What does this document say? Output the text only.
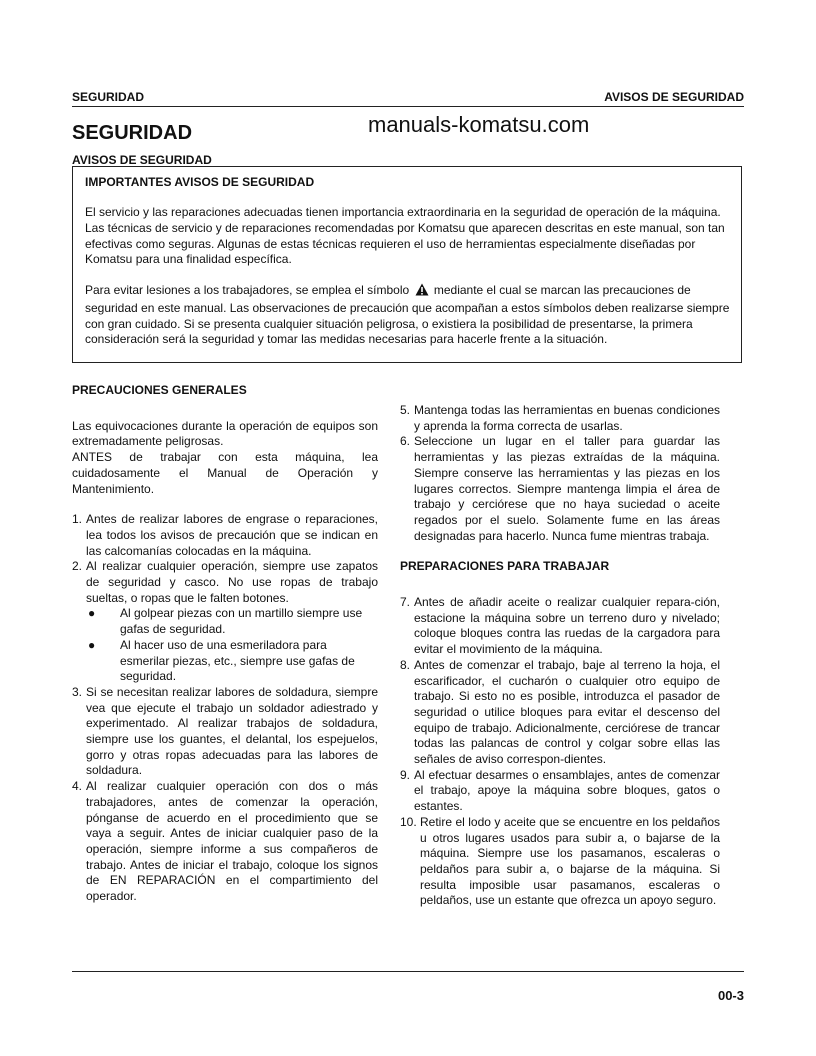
SEGURIDAD	AVISOS DE SEGURIDAD
SEGURIDAD	manuals-komatsu.com
AVISOS DE SEGURIDAD
IMPORTANTES AVISOS DE SEGURIDAD
El servicio y las reparaciones adecuadas tienen importancia extraordinaria en la seguridad de operación de la máquina. Las técnicas de servicio y de reparaciones recomendadas por Komatsu que aparecen descritas en este manual, son tan efectivas como seguras. Algunas de estas técnicas requieren el uso de herramientas especialmente diseñadas por Komatsu para una finalidad específica.
Para evitar lesiones a los trabajadores, se emplea el símbolo mediante el cual se marcan las precauciones de seguridad en este manual. Las observaciones de precaución que acompañan a estos símbolos deben realizarse siempre con gran cuidado. Si se presenta cualquier situación peligrosa, o existiera la posibilidad de presentarse, la primera consideración será la seguridad y tomar las medidas necesarias para hacerle frente a la situación.
PRECAUCIONES GENERALES

Las equivocaciones durante la operación de equipos son extremadamente peligrosas.

ANTES de trabajar con esta máquina, lea cuidadosamente el Manual de Operación y Mantenimiento.

1. Antes de realizar labores de engrase o reparaciones, lea todos los avisos de precaución que se indican en las calcomanías colocadas en la máquina.
2. Al realizar cualquier operación, siempre use zapatos de seguridad y casco. No use ropas de trabajo sueltas, o ropas que le falten botones.
● Al golpear piezas con un martillo siempre use gafas de seguridad.
● Al hacer uso de una esmeriladora para esmerilar piezas, etc., siempre use gafas de seguridad.
3. Si se necesitan realizar labores de soldadura, siempre vea que ejecute el trabajo un soldador adiestrado y experimentado. Al realizar trabajos de soldadura, siempre use los guantes, el delantal, los espejuelos, gorro y otras ropas adecuadas para las labores de soldadura.
4. Al realizar cualquier operación con dos o más trabajadores, antes de comenzar la operación, pónganse de acuerdo en el procedimiento que se vaya a seguir. Antes de iniciar cualquier paso de la operación, siempre informe a sus compañeros de trabajo. Antes de iniciar el trabajo, coloque los signos de EN REPARACIÓN en el compartimiento del operador.
5. Mantenga todas las herramientas en buenas condiciones y aprenda la forma correcta de usarlas.
6. Seleccione un lugar en el taller para guardar las herramientas y las piezas extraídas de la máquina. Siempre conserve las herramientas y las piezas en los lugares correctos. Siempre mantenga limpia el área de trabajo y cerciórese que no haya suciedad o aceite regados por el suelo. Solamente fume en las áreas designadas para hacerlo. Nunca fume mientras trabaja.
PREPARACIONES PARA TRABAJAR
7. Antes de añadir aceite o realizar cualquier repara-ción, estacione la máquina sobre un terreno duro y nivelado; coloque bloques contra las ruedas de la cargadora para evitar el movimiento de la máquina.
8. Antes de comenzar el trabajo, baje al terreno la hoja, el escarificador, el cucharón o cualquier otro equipo de trabajo. Si esto no es posible, introduzca el pasador de seguridad o utilice bloques para evitar el descenso del equipo de trabajo. Adicionalmente, cerciórese de trancar todas las palancas de control y colgar sobre ellas las señales de aviso correspon-dientes.
9. Al efectuar desarmes o ensamblajes, antes de comenzar el trabajo, apoye la máquina sobre bloques, gatos o estantes.
10. Retire el lodo y aceite que se encuentre en los peldaños u otros lugares usados para subir a, o bajarse de la máquina. Siempre use los pasamanos, escaleras o peldaños para subir a, o bajarse de la máquina. Si resulta imposible usar pasamanos, escaleras o peldaños, use un estante que ofrezca un apoyo seguro.
00-3
